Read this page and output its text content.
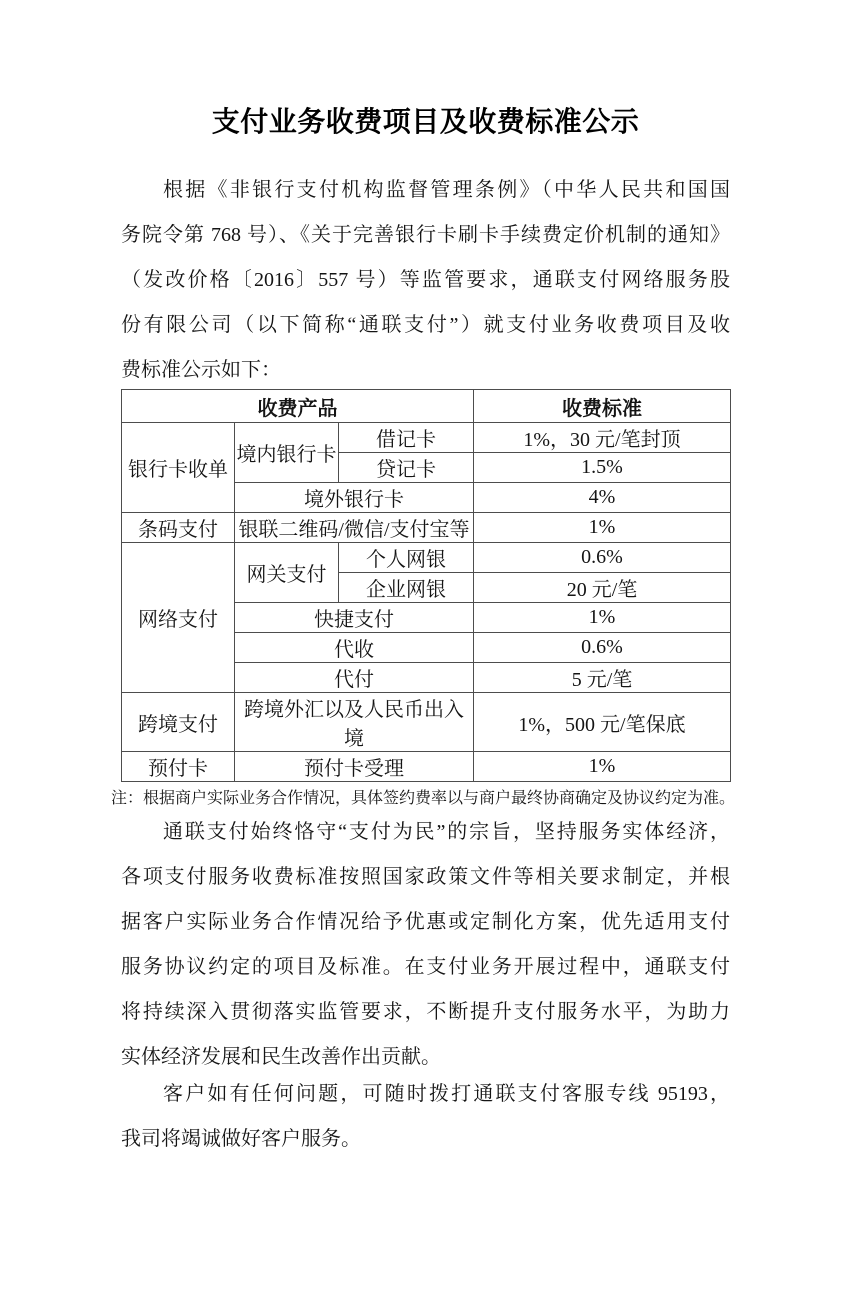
支付业务收费项目及收费标准公示
根据《非银行支付机构监督管理条例》（中华人民共和国国
务院令第 768 号）、《关于完善银行卡刷卡手续费定价机制的通知》
（发改价格〔2016〕557 号）等监管要求，通联支付网络服务股
份有限公司（以下简称“通联支付”）就支付业务收费项目及收
费标准公示如下：
收费产品			收费标准
银行卡收单	境内银行卡	借记卡	1%，30 元/笔封顶
		贷记卡	1.5%
	境外银行卡		4%
条码支付	银联二维码/微信/支付宝等		1%
网络支付	网关支付	个人网银	0.6%
		企业网银	20 元/笔
	快捷支付		1%
	代收		0.6%
	代付		5 元/笔
跨境支付	跨境外汇以及人民币出入境		1%，500 元/笔保底
预付卡	预付卡受理		1%
注：根据商户实际业务合作情况，具体签约费率以与商户最终协商确定及协议约定为准。
通联支付始终恪守“支付为民”的宗旨，坚持服务实体经济，
各项支付服务收费标准按照国家政策文件等相关要求制定，并根
据客户实际业务合作情况给予优惠或定制化方案，优先适用支付
服务协议约定的项目及标准。在支付业务开展过程中，通联支付
将持续深入贯彻落实监管要求，不断提升支付服务水平，为助力
实体经济发展和民生改善作出贡献。
客户如有任何问题，可随时拨打通联支付客服专线 95193，
我司将竭诚做好客户服务。
